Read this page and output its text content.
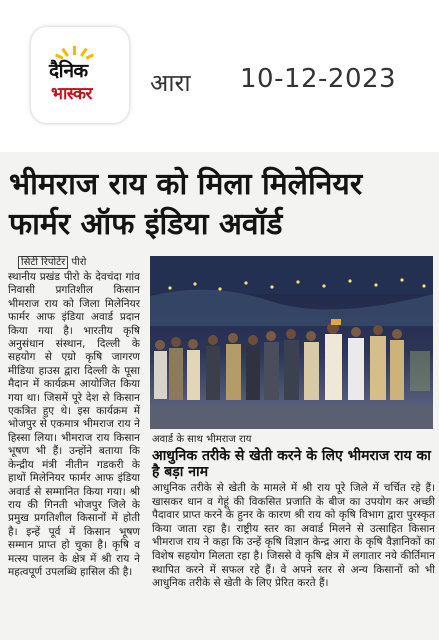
दैनिक
भास्कर आरा 10-12-2023
भीमराज राय को मिला मिलेनियर फार्मर ऑफ इंडिया अवॉर्ड
सिटी रिपोर्टर पीरो
स्थानीय प्रखंड पीरो के देवचंदा गांव निवासी प्रगतिशील किसान भीमराज राय को जिला मिलेनियर फार्मर आफ इंडिया अवार्ड प्रदान किया गया है। भारतीय कृषि अनुसंधान संस्थान, दिल्ली के सहयोग से एग्रो कृषि जागरण मीडिया हाउस द्वारा दिल्ली के पूसा मैदान में कार्यक्रम आयोजित किया गया था। जिसमें पूरे देश से किसान एकत्रित हुए थे। इस कार्यक्रम में भोजपुर से एकमात्र भीमराज राय ने हिस्सा लिया। भीमराज राय किसान भूषण भी हैं। उन्होंने बताया कि केन्द्रीय मंत्री नीतीन गडकरी के हाथों मिलेनियर फार्मर आफ इंडिया अवार्ड से सम्मानित किया गया। श्री राय की गिनती भोजपुर जिले के प्रमुख प्रगतिशील किसानों में होती है। इन्हें पूर्व में किसान भूषण सम्मान प्राप्त हो चुका है। कृषि व मत्स्य पालन के क्षेत्र में श्री राय ने महत्वपूर्ण उपलब्धि हासिल की है।
अवार्ड के साथ भीमराज राय
आधुनिक तरीके से खेती करने के लिए भीमराज राय का है बड़ा नाम
आधुनिक तरीके से खेती के मामले में श्री राय पूरे जिले में चर्चित रहे हैं। खासकर धान व गेहूं की विकसित प्रजाति के बीज का उपयोग कर अच्छी पैदावार प्राप्त करने के हुनर के कारण श्री राय को कृषि विभाग द्वारा पुरस्कृत किया जाता रहा है। राष्ट्रीय स्तर का अवार्ड मिलने से उत्साहित किसान भीमराज राय ने कहा कि उन्हें कृषि विज्ञान केन्द्र आरा के कृषि वैज्ञानिकों का विशेष सहयोग मिलता रहा है। जिससे वे कृषि क्षेत्र में लगातार नये कीर्तिमान स्थापित करने में सफल रहे हैं। वे अपने स्तर से अन्य किसानों को भी आधुनिक तरीके से खेती के लिए प्रेरित करते हैं।
